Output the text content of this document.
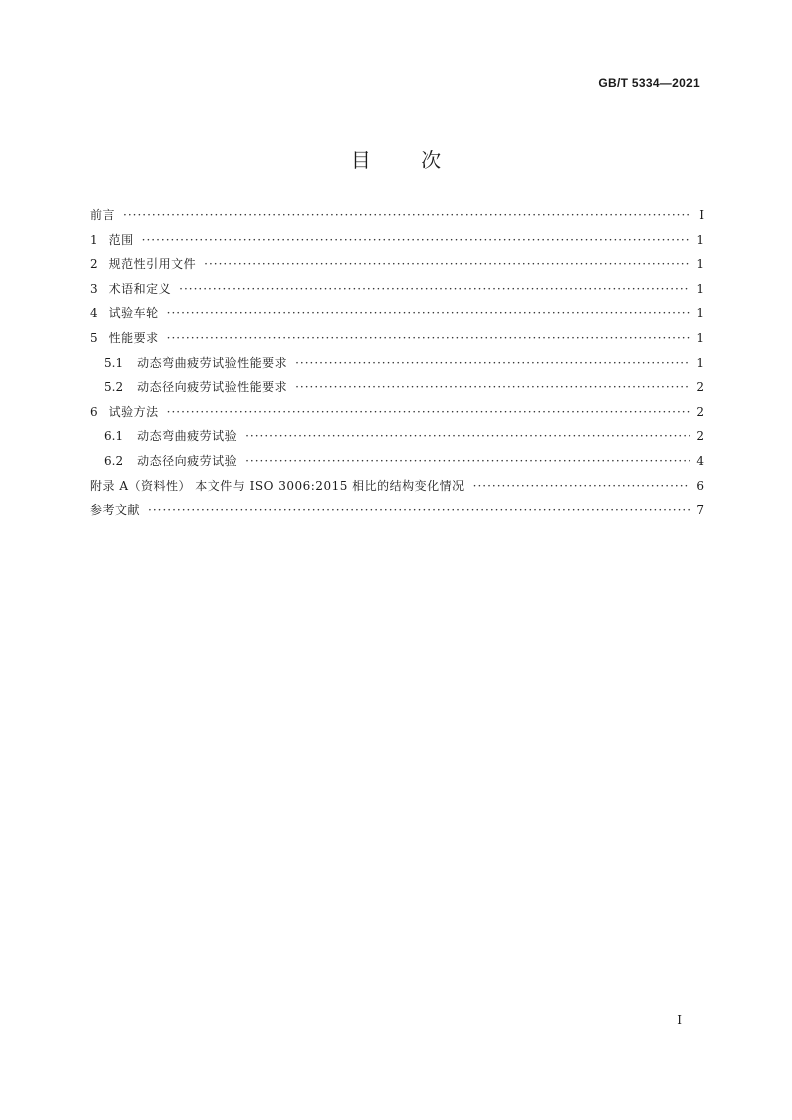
GB/T 5334—2021
目	次
前言 ·····	Ⅰ
1 范围 ·····	1
2 规范性引用文件 ·····	1
3 术语和定义 ·····	1
4 试验车轮 ·····	1
5 性能要求 ·····	1
5.1 动态弯曲疲劳试验性能要求 ·····	1
5.2 动态径向疲劳试验性能要求 ·····	2
6 试验方法 ·····	2
6.1 动态弯曲疲劳试验 ·····	2
6.2 动态径向疲劳试验 ·····	4
附录 A（资料性） 本文件与 ISO 3006:2015 相比的结构变化情况 ·····	6
参考文献 ·····	7
Ⅰ
